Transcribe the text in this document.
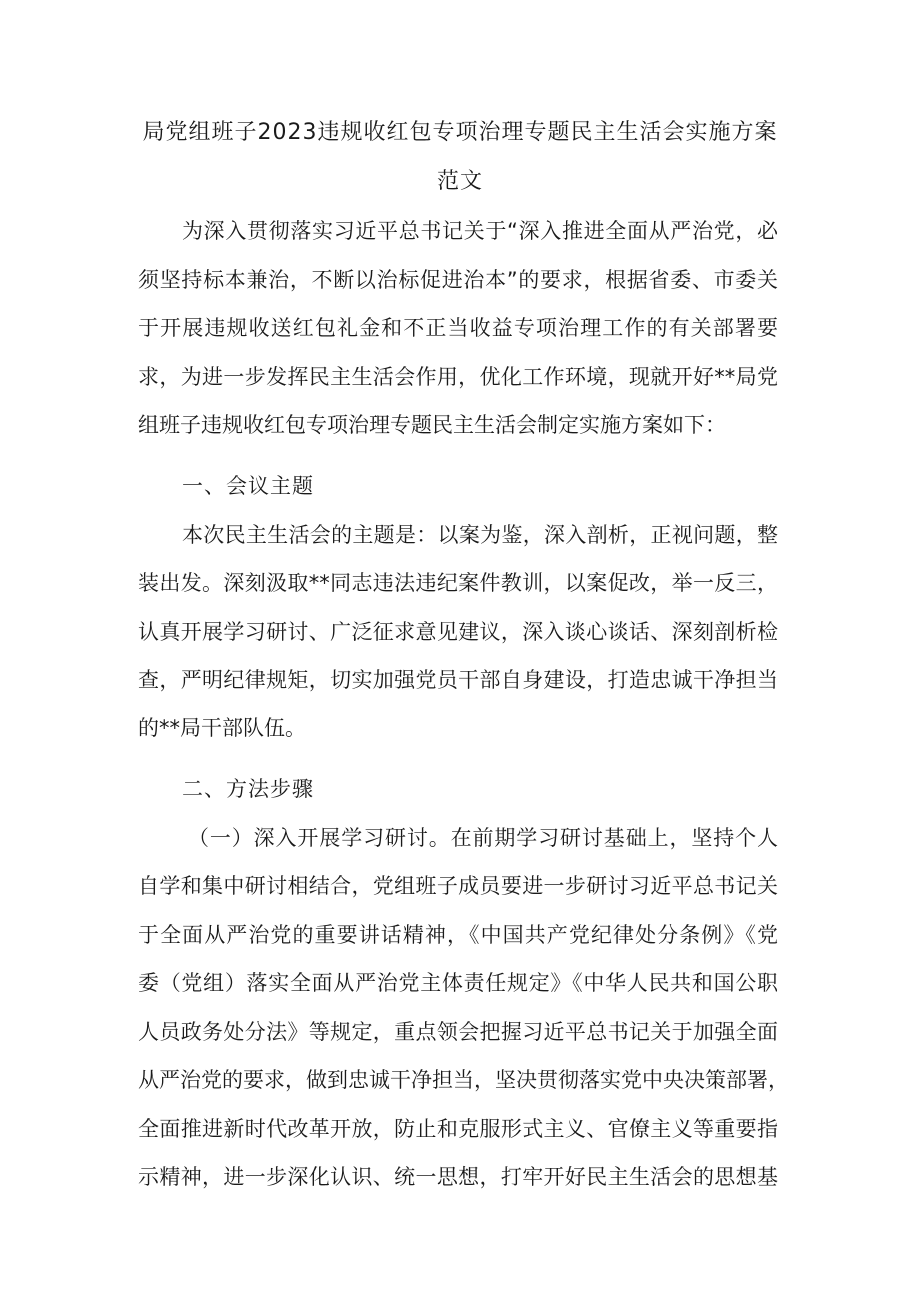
局党组班子2023违规收红包专项治理专题民主生活会实施方案
范文
为深入贯彻落实习近平总书记关于“深入推进全面从严治党，必
须坚持标本兼治，不断以治标促进治本”的要求，根据省委、市委关
于开展违规收送红包礼金和不正当收益专项治理工作的有关部署要
求，为进一步发挥民主生活会作用，优化工作环境，现就开好**局党
组班子违规收红包专项治理专题民主生活会制定实施方案如下：
一、会议主题
本次民主生活会的主题是：以案为鉴，深入剖析，正视问题，整
装出发。深刻汲取**同志违法违纪案件教训，以案促改，举一反三，
认真开展学习研讨、广泛征求意见建议，深入谈心谈话、深刻剖析检
查，严明纪律规矩，切实加强党员干部自身建设，打造忠诚干净担当
的**局干部队伍。
二、方法步骤
（一）深入开展学习研讨。在前期学习研讨基础上，坚持个人
自学和集中研讨相结合，党组班子成员要进一步研讨习近平总书记关
于全面从严治党的重要讲话精神，《中国共产党纪律处分条例》《党
委（党组）落实全面从严治党主体责任规定》《中华人民共和国公职
人员政务处分法》等规定，重点领会把握习近平总书记关于加强全面
从严治党的要求，做到忠诚干净担当，坚决贯彻落实党中央决策部署，
全面推进新时代改革开放，防止和克服形式主义、官僚主义等重要指
示精神，进一步深化认识、统一思想，打牢开好民主生活会的思想基
